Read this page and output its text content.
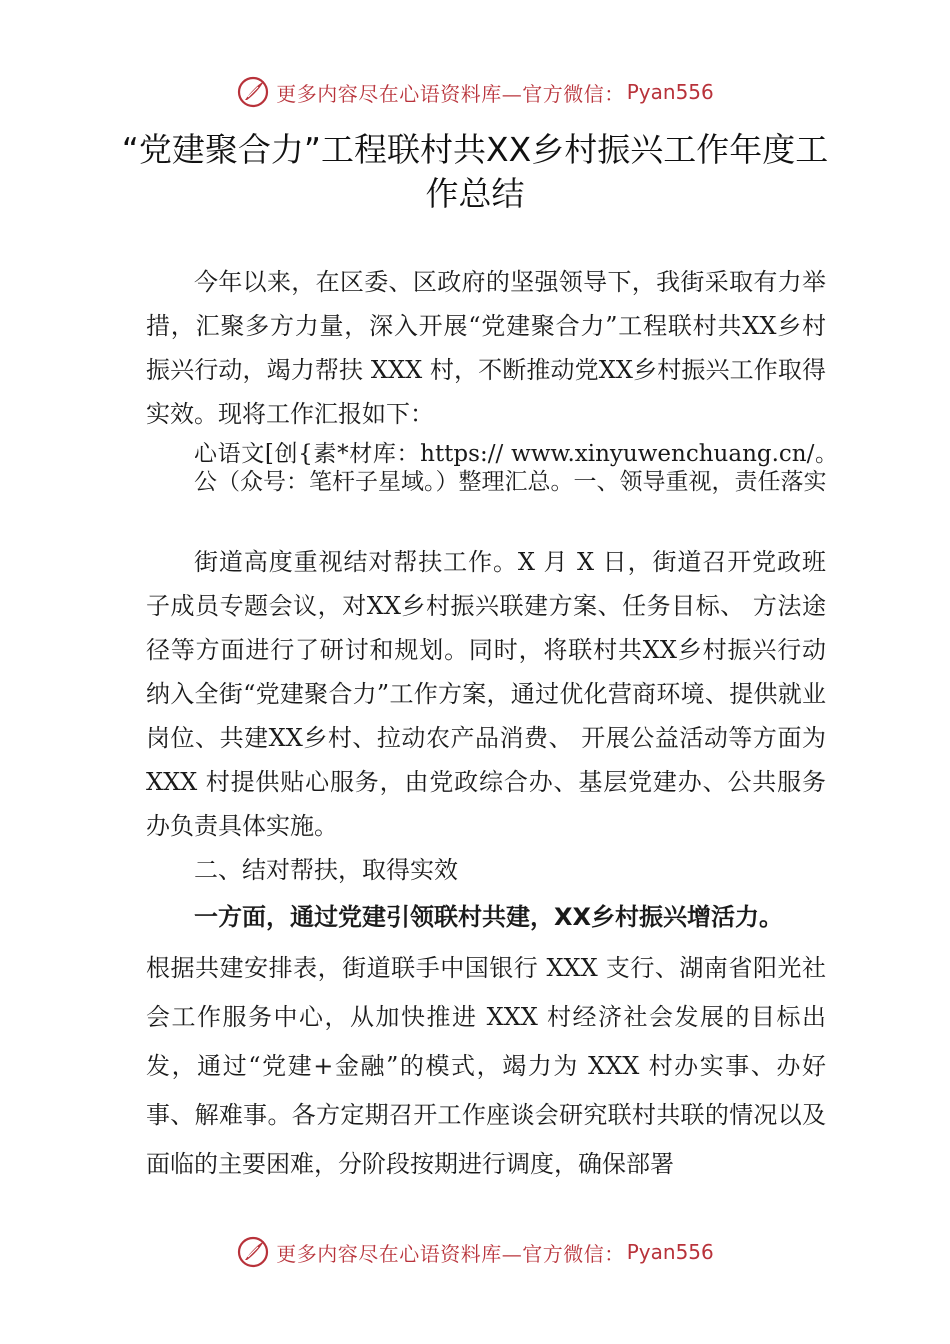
更多内容尽在心语资料库—官方微信： Pyan556
“党建聚合力”工程联村共XX乡村振兴工作年度工作总结

今年以来，在区委、区政府的坚强领导下，我街采取有力举措，汇聚多方力量，深入开展“党建聚合力”工程联村共XX乡村振兴行动，竭力帮扶 XXX 村，不断推动党XX乡村振兴工作取得实效。现将工作汇报如下：

心语文[创{素*材库：https:// www.xinyuwenchuang.cn/。公（众号：笔杆子星域。）整理汇总。一、领导重视，责任落实

街道高度重视结对帮扶工作。X 月 X 日，街道召开党政班子成员专题会议，对XX乡村振兴联建方案、任务目标、 方法途径等方面进行了研讨和规划。同时，将联村共XX乡村振兴行动纳入全街“党建聚合力”工作方案，通过优化营商环境、提供就业岗位、共建XX乡村、拉动农产品消费、 开展公益活动等方面为XXX 村提供贴心服务，由党政综合办、基层党建办、公共服务办负责具体实施。

二、结对帮扶，取得实效

一方面，通过党建引领联村共建，XX乡村振兴增活力。

根据共建安排表，街道联手中国银行 XXX 支行、湖南省阳光社会工作服务中心，从加快推进 XXX 村经济社会发展的目标出发，通过“党建+金融”的模式，竭力为 XXX 村办实事、办好事、解难事。各方定期召开工作座谈会研究联村共联的情况以及面临的主要困难，分阶段按期进行调度，确保部署

更多内容尽在心语资料库—官方微信： Pyan556
